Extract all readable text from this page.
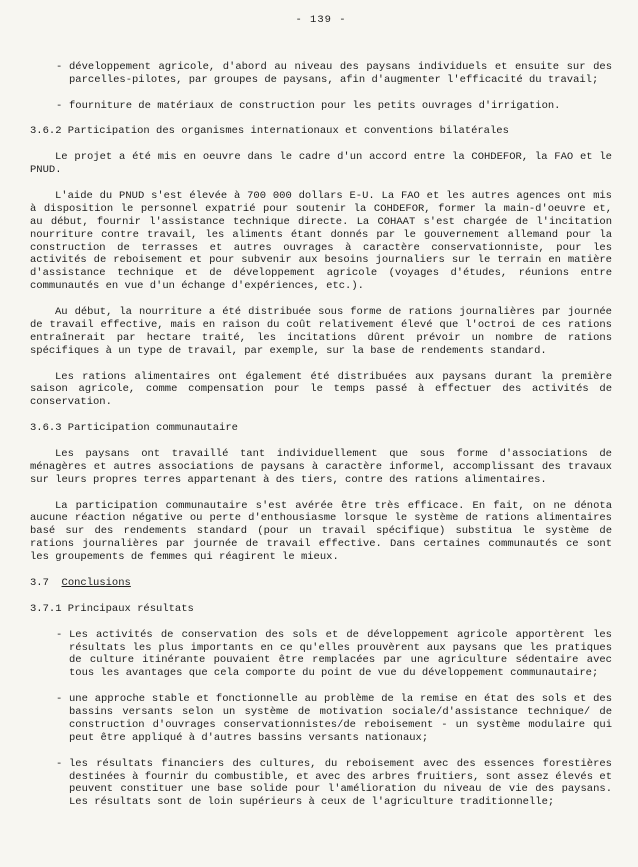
- 139 -
- développement agricole, d'abord au niveau des paysans individuels et ensuite sur des parcelles-pilotes, par groupes de paysans, afin d'augmenter l'efficacité du travail;
- fourniture de matériaux de construction pour les petits ouvrages d'irrigation.
3.6.2 Participation des organismes internationaux et conventions bilatérales

Le projet a été mis en oeuvre dans le cadre d'un accord entre la COHDEFOR, la FAO et le PNUD.

L'aide du PNUD s'est élevée à 700 000 dollars E-U. La FAO et les autres agences ont mis à disposition le personnel expatrié pour soutenir la COHDEFOR, former la main-d'oeuvre et, au début, fournir l'assistance technique directe. La COHAAT s'est chargée de l'incitation nourriture contre travail, les aliments étant donnés par le gouvernement allemand pour la construction de terrasses et autres ouvrages à caractère conservationniste, pour les activités de reboisement et pour subvenir aux besoins journaliers sur le terrain en matière d'assistance technique et de développement agricole (voyages d'études, réunions entre communautés en vue d'un échange d'expériences, etc.).

Au début, la nourriture a été distribuée sous forme de rations journalières par journée de travail effective, mais en raison du coût relativement élevé que l'octroi de ces rations entraînerait par hectare traité, les incitations dûrent prévoir un nombre de rations spécifiques à un type de travail, par exemple, sur la base de rendements standard.

Les rations alimentaires ont également été distribuées aux paysans durant la première saison agricole, comme compensation pour le temps passé à effectuer des activités de conservation.

3.6.3 Participation communautaire

Les paysans ont travaillé tant individuellement que sous forme d'associations de ménagères et autres associations de paysans à caractère informel, accomplissant des travaux sur leurs propres terres appartenant à des tiers, contre des rations alimentaires.

La participation communautaire s'est avérée être très efficace. En fait, on ne dénota aucune réaction négative ou perte d'enthousiasme lorsque le système de rations alimentaires basé sur des rendements standard (pour un travail spécifique) substitua le système de rations journalières par journée de travail effective. Dans certaines communautés ce sont les groupements de femmes qui réagirent le mieux.

3.7 Conclusions
3.7.1 Principaux résultats
- Les activités de conservation des sols et de développement agricole apportèrent les résultats les plus importants en ce qu'elles prouvèrent aux paysans que les pratiques de culture itinérante pouvaient être remplacées par une agriculture sédentaire avec tous les avantages que cela comporte du point de vue du développement communautaire;
- une approche stable et fonctionnelle au problème de la remise en état des sols et des bassins versants selon un système de motivation sociale/d'assistance technique/ de construction d'ouvrages conservationnistes/de reboisement - un système modulaire qui peut être appliqué à d'autres bassins versants nationaux;
- les résultats financiers des cultures, du reboisement avec des essences forestières destinées à fournir du combustible, et avec des arbres fruitiers, sont assez élevés et peuvent constituer une base solide pour l'amélioration du niveau de vie des paysans. Les résultats sont de loin supérieurs à ceux de l'agriculture traditionnelle;
